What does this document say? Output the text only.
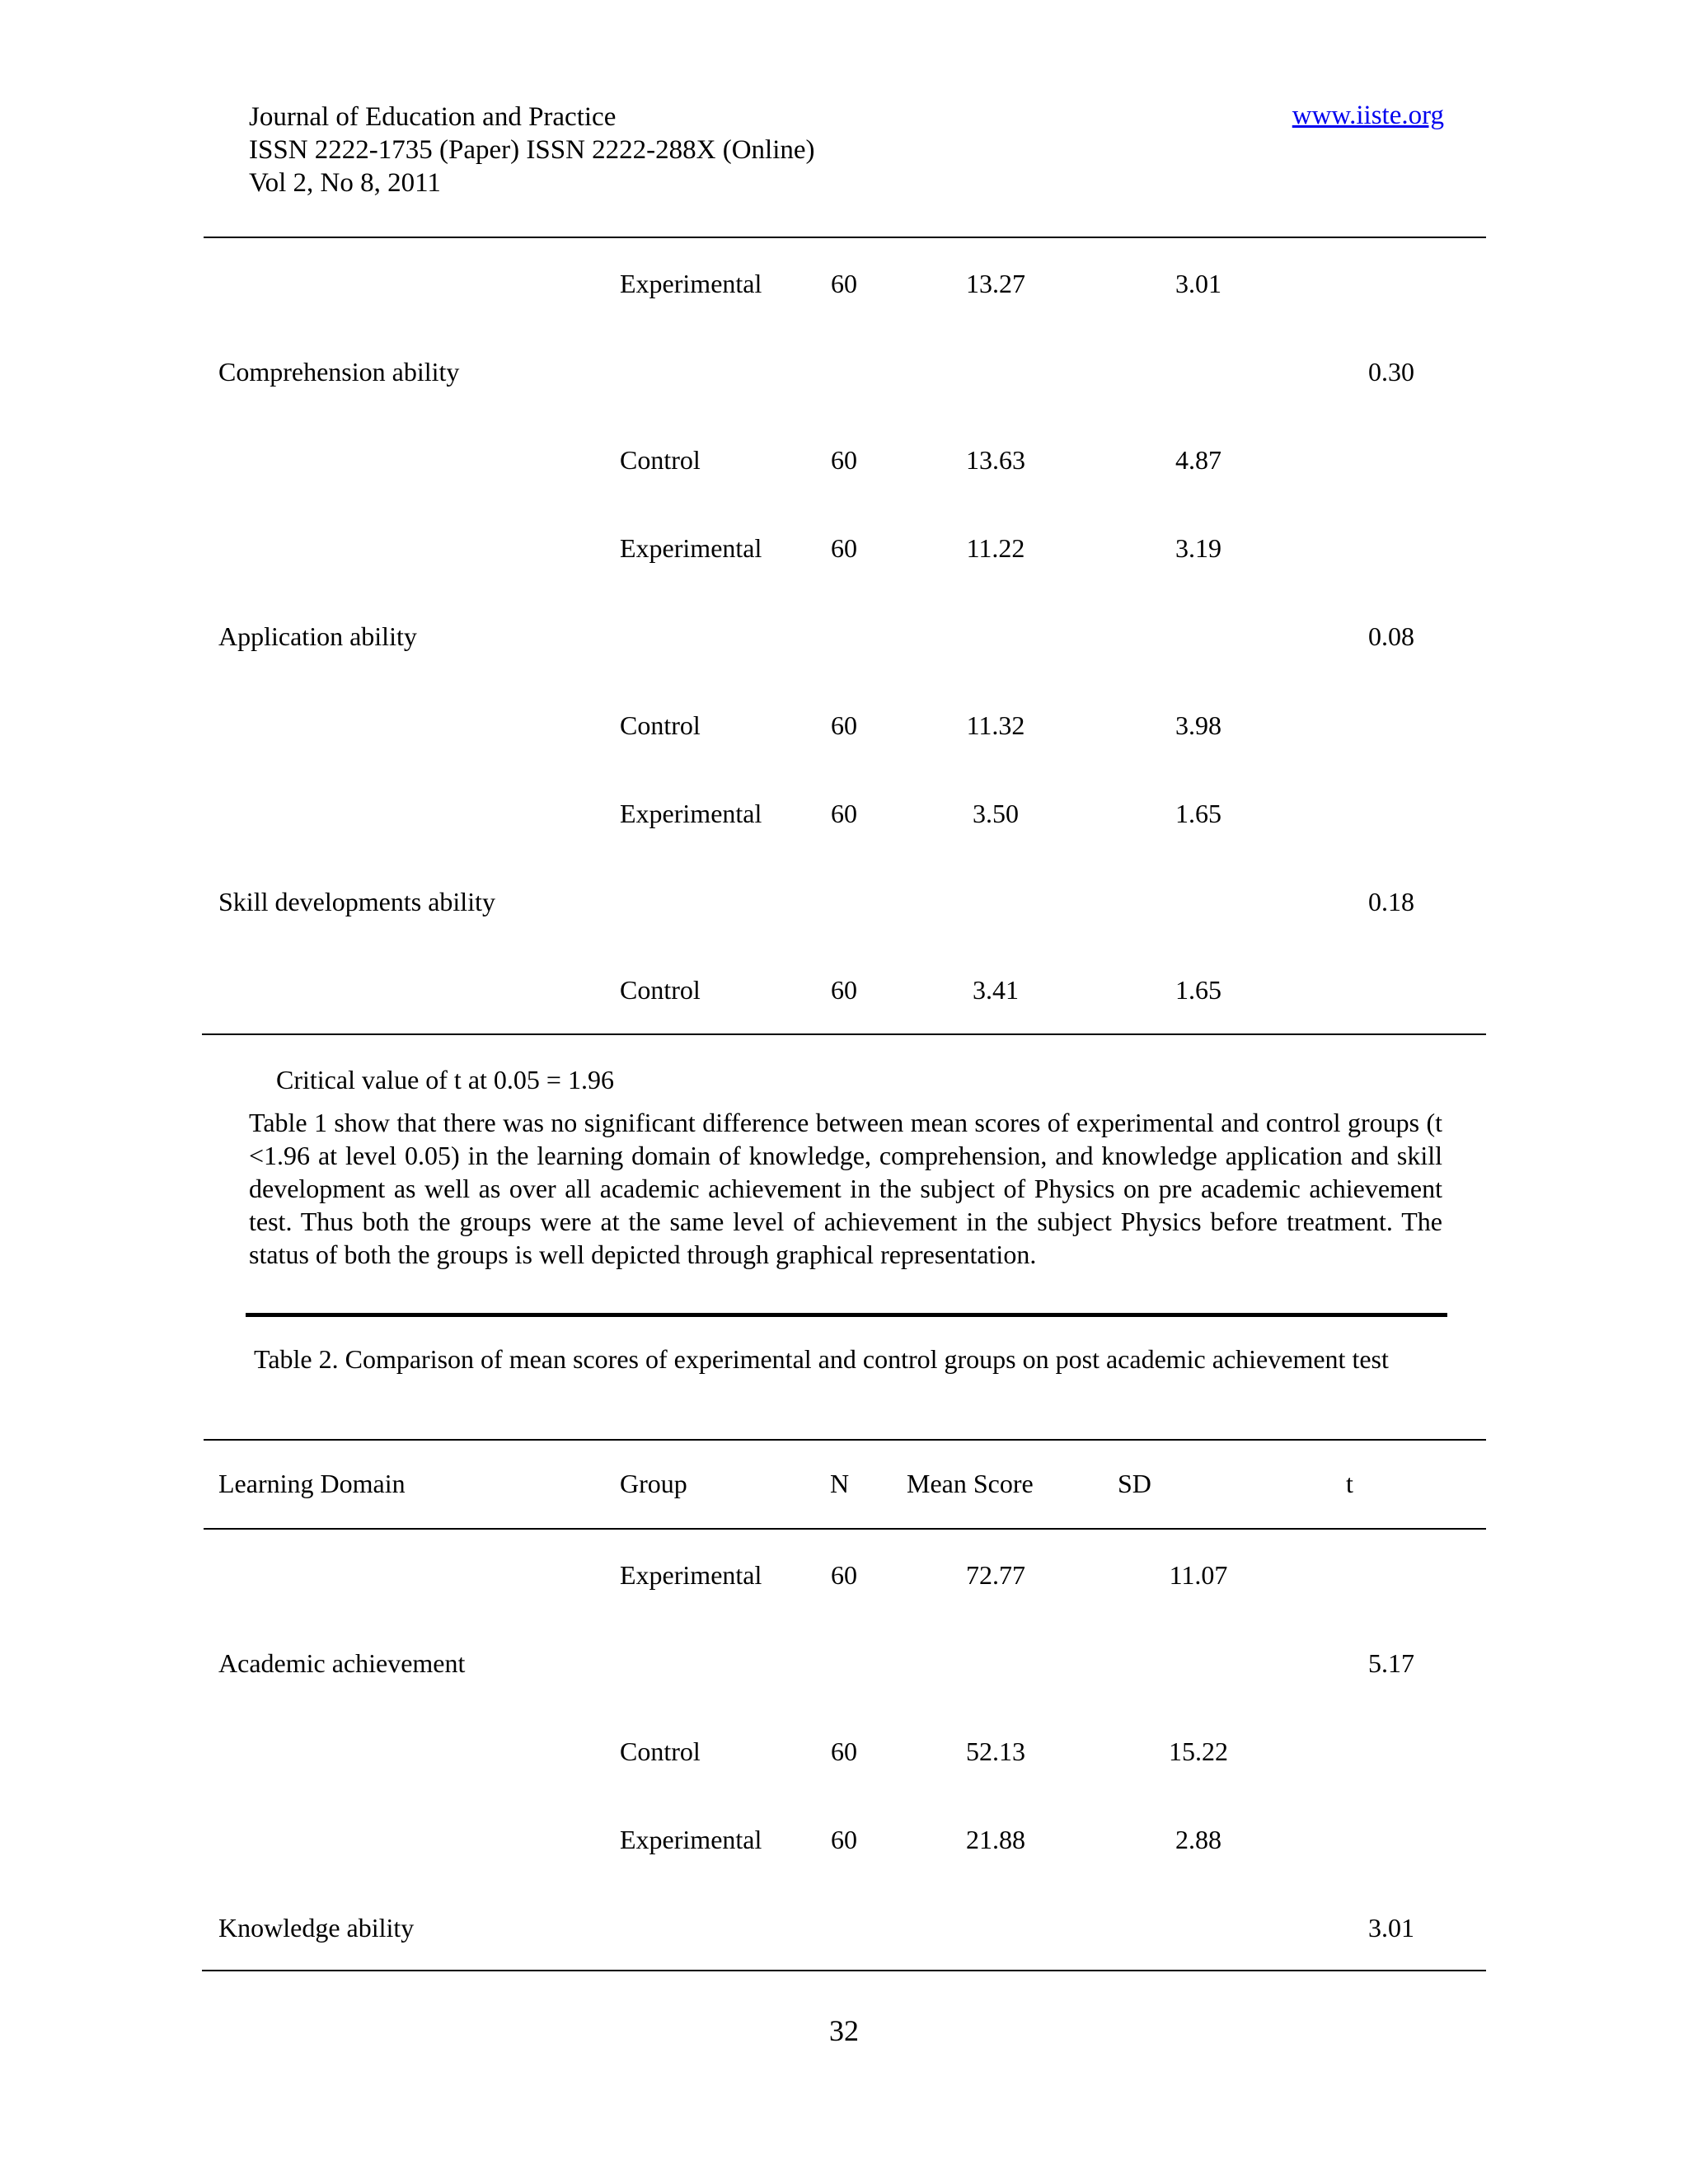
Journal of Education and Practice
ISSN 2222-1735 (Paper) ISSN 2222-288X (Online)
Vol 2, No 8, 2011
www.iiste.org
Experimental	60	13.27	3.01
Comprehension ability	0.30
Control	60	13.63	4.87
Experimental	60	11.22	3.19
Application ability	0.08
Control	60	11.32	3.98
Experimental	60	3.50	1.65
Skill developments ability	0.18
Control	60	3.41	1.65
Critical value of t at 0.05 = 1.96

Table 1 show that there was no significant difference between mean scores of experimental and control groups (t <1.96 at level 0.05) in the learning domain of knowledge, comprehension, and knowledge application and skill development as well as over all academic achievement in the subject of Physics on pre academic achievement test. Thus both the groups were at the same level of achievement in the subject Physics before treatment. The status of both the groups is well depicted through graphical representation.

Table 2. Comparison of mean scores of experimental and control groups on post academic achievement test

Learning Domain	Group	N Mean Score	SD	t
Experimental	60	72.77	11.07
Academic achievement	5.17
Control	60	52.13	15.22
Experimental	60	21.88	2.88
Knowledge ability	3.01
32
